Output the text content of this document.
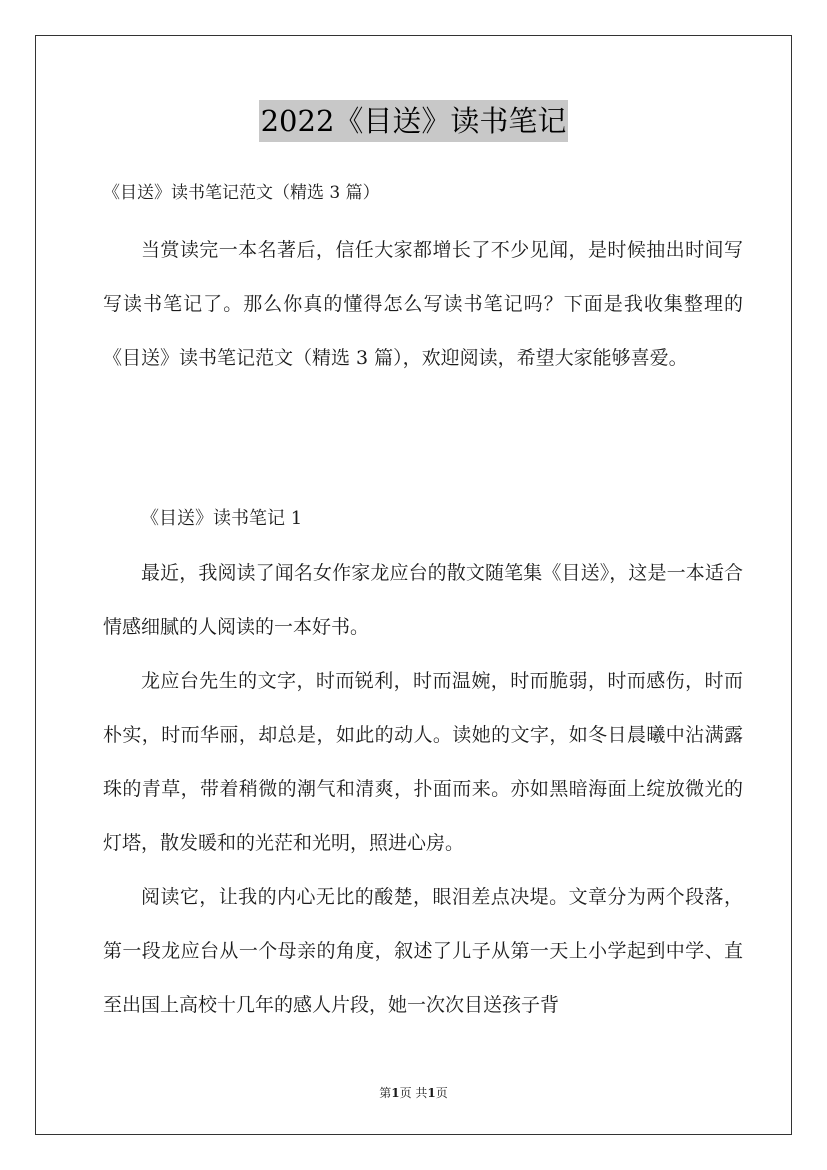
2022《目送》读书笔记
《目送》读书笔记范文（精选 3 篇）

当赏读完一本名著后，信任大家都增长了不少见闻，是时候抽出时间写写读书笔记了。那么你真的懂得怎么写读书笔记吗？下面是我收集整理的《目送》读书笔记范文（精选 3 篇），欢迎阅读，希望大家能够喜爱。

《目送》读书笔记 1

最近，我阅读了闻名女作家龙应台的散文随笔集《目送》，这是一本适合情感细腻的人阅读的一本好书。

龙应台先生的文字，时而锐利，时而温婉，时而脆弱，时而感伤，时而朴实，时而华丽，却总是，如此的动人。读她的文字，如冬日晨曦中沾满露珠的青草，带着稍微的潮气和清爽，扑面而来。亦如黑暗海面上绽放微光的灯塔，散发暖和的光茫和光明，照进心房。

阅读它，让我的内心无比的酸楚，眼泪差点决堤。文章分为两个段落，第一段龙应台从一个母亲的角度，叙述了儿子从第一天上小学起到中学、直至出国上高校十几年的感人片段，她一次次目送孩子背

第1页 共1页
